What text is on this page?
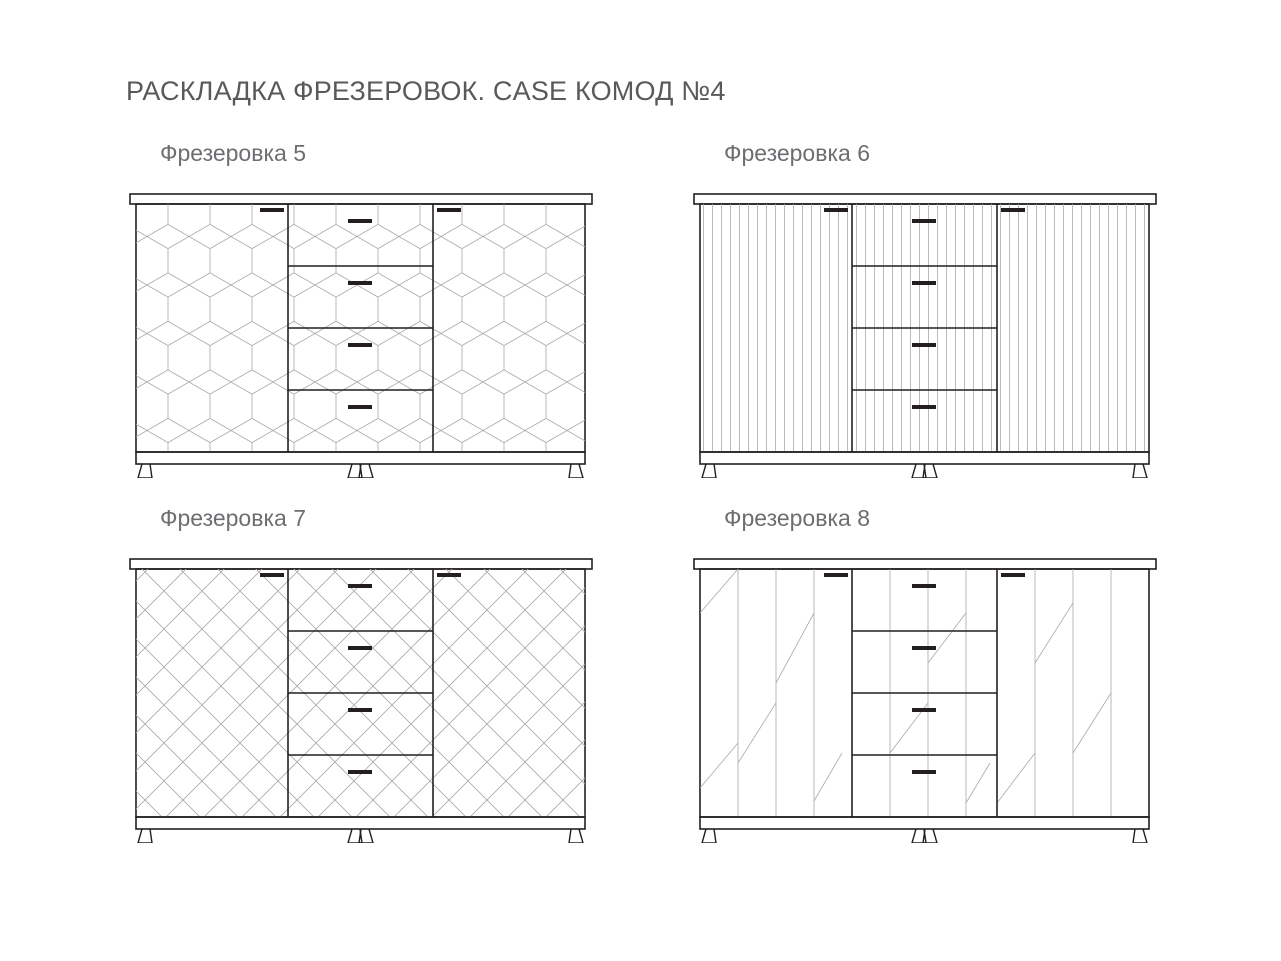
РАСКЛАДКА ФРЕЗЕРОВОК. CASE КОМОД №4
Фрезеровка 5	Фрезеровка 6
Фрезеровка 7	Фрезеровка 8
